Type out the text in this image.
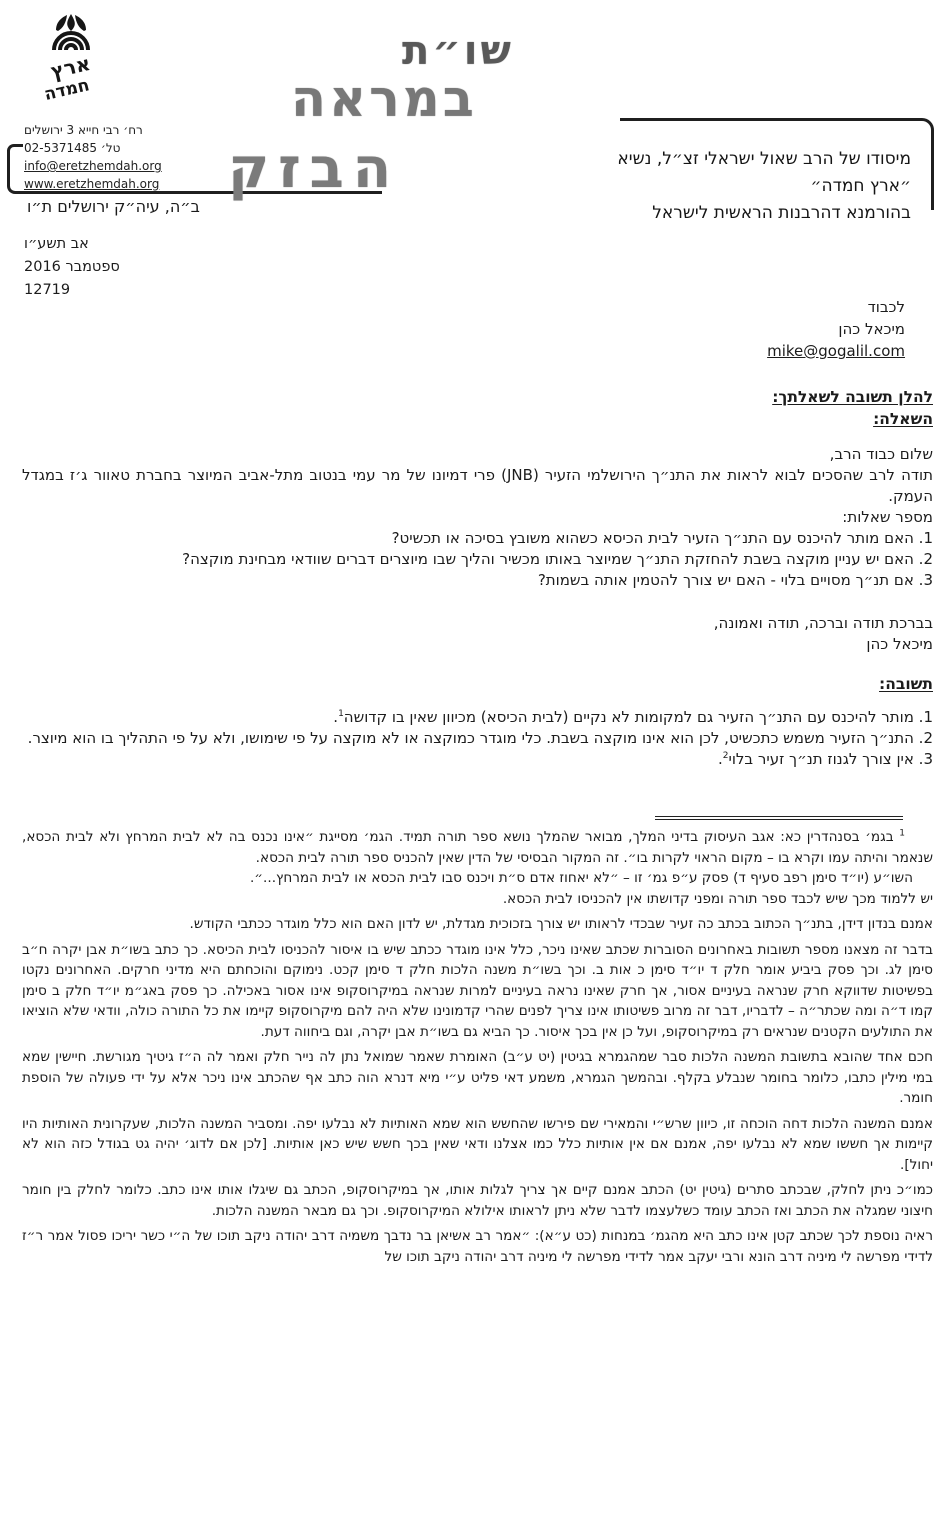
ארץ
חמדה
רח׳ רבי חייא 3 ירושלים
טל׳ 02-5371485
info@eretzhemdah.org
www.eretzhemdah.org
שו״ת
במראה
הבזק	מיסודו של הרב שאול ישראלי זצ״ל, נשיא ״ארץ חמדה״
בהורמנא דהרבנות הראשית לישראל
ב״ה, עיה״ק ירושלים ת״ו
אב תשע״ו
ספטמבר 2016
12719
לכבוד
מיכאל כהן
mike@gogalil.com

להלן תשובה לשאלתך:

השאלה:

שלום כבוד הרב,

תודה לרב שהסכים לבוא לראות את התנ״ך הירושלמי הזעיר (JNB) פרי דמיונו של מר עמי בנטוב מתל-אביב המיוצר בחברת טאוור ג׳ז במגדל העמק.

מספר שאלות:

1. האם מותר להיכנס עם התנ״ך הזעיר לבית הכיסא כשהוא משובץ בסיכה או תכשיט?

2. האם יש עניין מוקצה בשבת להחזקת התנ״ך שמיוצר באותו מכשיר והליך שבו מיוצרים דברים שוודאי מבחינת מוקצה?

3. אם תנ״ך מסויים בלוי - האם יש צורך להטמין אותה בשמות?

בברכת תודה וברכה, תודה ואמונה,

מיכאל כהן

תשובה:

1. מותר להיכנס עם התנ״ך הזעיר גם למקומות לא נקיים (לבית הכיסא) מכיוון שאין בו קדושה$^1$.

2. התנ״ך הזעיר משמש כתכשיט, לכן הוא אינו מוקצה בשבת. כלי מוגדר כמוקצה או לא מוקצה על פי שימושו, ולא על פי התהליך בו הוא מיוצר.

3. אין צורך לגנוז תנ״ך זעיר בלוי$^2$.

$^1$ בגמ׳ בסנהדרין כא: אגב העיסוק בדיני המלך, מבואר שהמלך נושא ספר תורה תמיד. הגמ׳ מסייגת ״אינו נכנס בה לא לבית המרחץ ולא לבית הכסא, שנאמר והיתה עמו וקרא בו – מקום הראוי לקרות בו״. זה המקור הבסיסי של הדין שאין להכניס ספר תורה לבית הכסא.

השו״ע (יו״ד סימן רפב סעיף ד) פסק ע״פ גמ׳ זו – ״לא יאחוז אדם ס״ת ויכנס סבו לבית הכסא או לבית המרחץ...״.

יש ללמוד מכך שיש לכבד ספר תורה ומפני קדושתו אין להכניסו לבית הכסא.

אמנם בנדון דידן, בתנ״ך הכתוב בכתב כה זעיר שבכדי לראותו יש צורך בזכוכית מגדלת, יש לדון האם הוא כלל מוגדר ככתבי הקודש.

בדבר זה מצאנו מספר תשובות באחרונים הסוברות שכתב שאינו ניכר, כלל אינו מוגדר ככתב שיש בו איסור להכניסו לבית הכיסא. כך כתב בשו״ת אבן יקרה ח״ב סימן לג. וכך פסק ביביע אומר חלק ד יו״ד סימן כ אות ב. וכך בשו״ת משנה הלכות חלק ד סימן קכט. נימוקם והוכחתם היא מדיני חרקים. האחרונים נקטו בפשיטות שדווקא חרק שנראה בעיניים אסור, אך חרק שאינו נראה בעיניים למרות שנראה במיקרוסקופ אינו אסור באכילה. כך פסק באג״מ יו״ד חלק ב סימן קמו ד״ה ומה שכתר״ה – לדבריו, דבר זה מרוב פשיטותו אינו צריך לפנים שהרי קדמונינו שלא היה להם מיקרוסקופ קיימו את כל התורה כולה, וודאי שלא הוציאו את התולעים הקטנים שנראים רק במיקרוסקופ, ועל כן אין בכך איסור. כך הביא גם בשו״ת אבן יקרה, וגם ביחווה דעת.

חכם אחד שהובא בתשובת המשנה הלכות סבר שמהגמרא בגיטין (יט ע״ב) האומרת שאמר שמואל נתן לה נייר חלק ואמר לה ה״ז גיטיך מגורשת. חיישין שמא במי מילין כתבו, כלומר בחומר שנבלע בקלף. ובהמשך הגמרא, משמע דאי פליט ע״י מיא דנרא הוה כתב אף שהכתב אינו ניכר אלא על ידי פעולה של הוספת חומר.

אמנם המשנה הלכות דחה הוכחה זו, כיוון שרש״י והמאירי שם פירשו שהחשש הוא שמא האותיות לא נבלעו יפה. ומסביר המשנה הלכות, שעקרונית האותיות היו קיימות אך חששו שמא לא נבלעו יפה, אמנם אם אין אותיות כלל כמו אצלנו ודאי שאין בכך חשש שיש כאן אותיות. [לכן אם לדוג׳ יהיה גט בגודל כזה הוא לא יחול].

כמו״כ ניתן לחלק, שבכתב סתרים (גיטין יט) הכתב אמנם קיים אך צריך לגלות אותו, אך במיקרוסקופ, הכתב גם שיגלו אותו אינו כתב. כלומר לחלק בין חומר חיצוני שמגלה את הכתב ואז הכתב עומד כשלעצמו לדבר שלא ניתן לראותו אילולא המיקרוסקופ. וכך גם מבאר המשנה הלכות.

ראיה נוספת לכך שכתב קטן אינו כתב היא מהגמ׳ במנחות (כט ע״א): ״אמר רב אשיאן בר נדבך משמיה דרב יהודה ניקב תוכו של ה״י כשר יריכו פסול אמר ר״ז לדידי מפרשה לי מיניה דרב הונא ורבי יעקב אמר לדידי מפרשה לי מיניה דרב יהודה ניקב תוכו של
